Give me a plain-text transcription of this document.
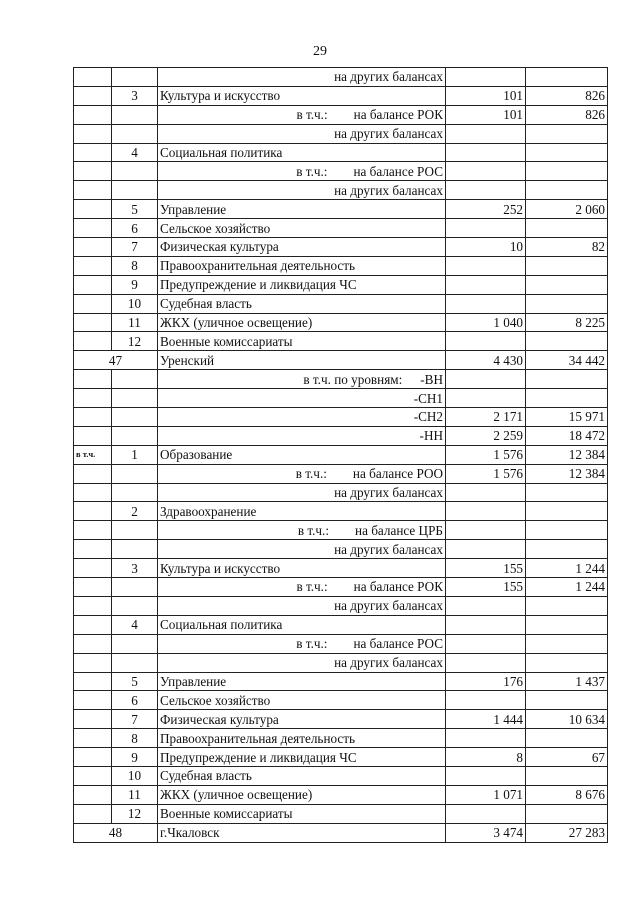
29

		на других балансах		

	3	Культура и искусство	101	826

		в т.ч.: на балансе РОК	101	826

		на других балансах		

	4	Социальная политика		

		в т.ч.: на балансе РОС		

		на других балансах		

	5	Управление	252	2 060
	6	Сельское хозяйство		
	7	Физическая культура	10	82
	8	Правоохранительная деятельность		
	9	Предупреждение и ликвидация ЧС		
	10	Судебная власть		
	11	ЖКХ (уличное освещение)	1 040	8 225
	12	Военные комиссариаты		
47		Уренский	4 430	34 442

		в т.ч. по уровням: -ВН		

		-СН1		

		-СН2	2 171	15 971

		-НН	2 259	18 472
в т.ч.	1	Образование	1 576	12 384

		в т.ч.: на балансе РОО	1 576	12 384

		на других балансах		

	2	Здравоохранение		

		в т.ч.: на балансе ЦРБ		

		на других балансах		

	3	Культура и искусство	155	1 244

		в т.ч.: на балансе РОК	155	1 244

		на других балансах		

	4	Социальная политика		

		в т.ч.: на балансе РОС		

		на других балансах		

	5	Управление	176	1 437
	6	Сельское хозяйство		
	7	Физическая культура	1 444	10 634
	8	Правоохранительная деятельность		
	9	Предупреждение и ликвидация ЧС	8	67
	10	Судебная власть		
	11	ЖКХ (уличное освещение)	1 071	8 676
	12	Военные комиссариаты		
48		г.Чкаловск	3 474	27 283
